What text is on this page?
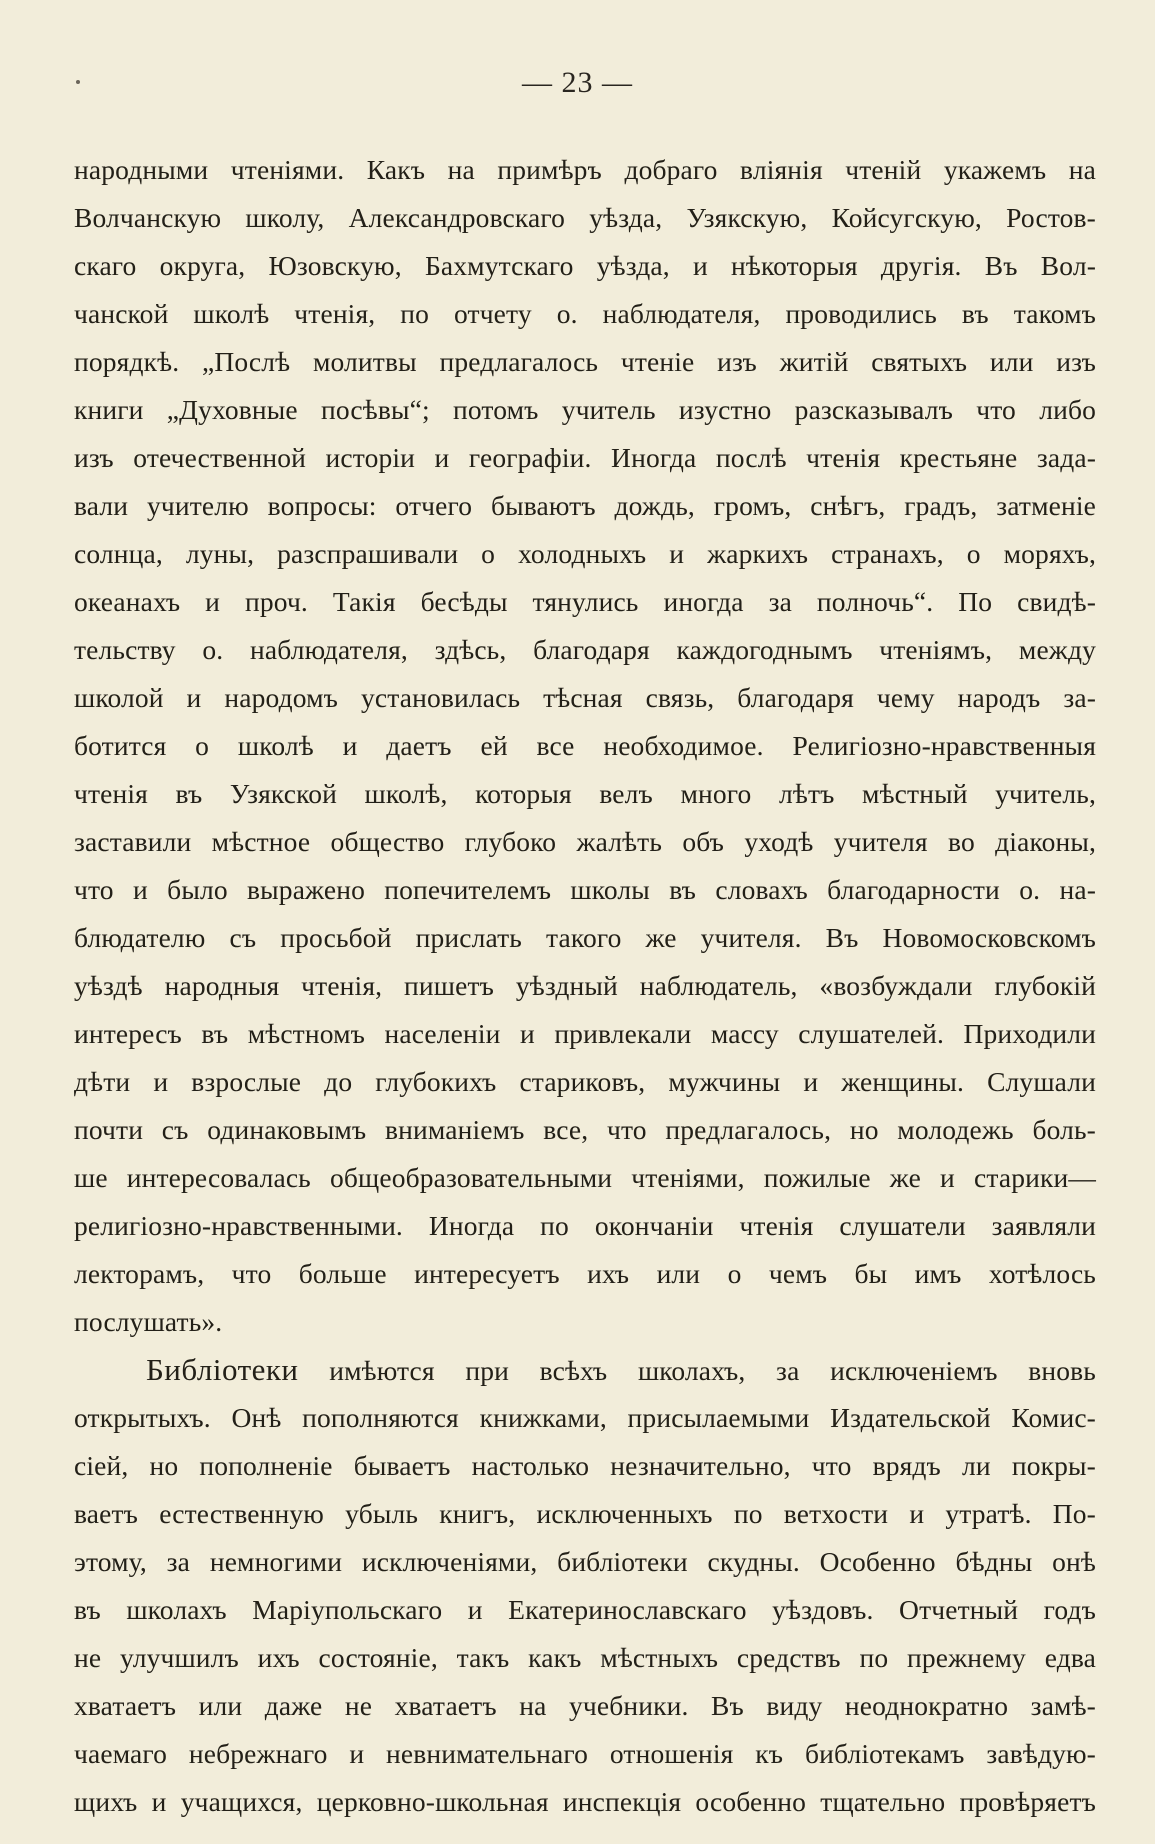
— 23 —
народными чтеніями. Какъ на примѣръ добраго вліянія чтеній укажемъ на
Волчанскую школу, Александровскаго уѣзда, Узякскую, Койсугскую, Ростов-
скаго округа, Юзовскую, Бахмутскаго уѣзда, и нѣкоторыя другія. Въ Вол-
чанской школѣ чтенія, по отчету о. наблюдателя, проводились въ такомъ
порядкѣ. „Послѣ молитвы предлагалось чтеніе изъ житій святыхъ или изъ
книги „Духовные посѣвы“; потомъ учитель изустно разсказывалъ что либо
изъ отечественной исторіи и географіи. Иногда послѣ чтенія крестьяне зада-
вали учителю вопросы: отчего бываютъ дождь, громъ, снѣгъ, градъ, затменіе
солнца, луны, разспрашивали о холодныхъ и жаркихъ странахъ, о моряхъ,
океанахъ и проч. Такія бесѣды тянулись иногда за полночь“. По свидѣ-
тельству о. наблюдателя, здѣсь, благодаря каждогоднымъ чтеніямъ, между
школой и народомъ установилась тѣсная связь, благодаря чему народъ за-
ботится о школѣ и даетъ ей все необходимое. Религіозно-нравственныя
чтенія въ Узякской школѣ, которыя велъ много лѣтъ мѣстный учитель,
заставили мѣстное общество глубоко жалѣть объ уходѣ учителя во діаконы,
что и было выражено попечителемъ школы въ словахъ благодарности о. на-
блюдателю съ просьбой прислать такого же учителя. Въ Новомосковскомъ
уѣздѣ народныя чтенія, пишетъ уѣздный наблюдатель, «возбуждали глубокій
интересъ въ мѣстномъ населеніи и привлекали массу слушателей. Приходили
дѣти и взрослые до глубокихъ стариковъ, мужчины и женщины. Слушали
почти съ одинаковымъ вниманіемъ все, что предлагалось, но молодежь боль-
ше интересовалась общеобразовательными чтеніями, пожилые же и старики—
религіозно-нравственными. Иногда по окончаніи чтенія слушатели заявляли
лекторамъ, что больше интересуетъ ихъ или о чемъ бы имъ хотѣлось
послушать».
Библіотеки имѣются при всѣхъ школахъ, за исключеніемъ вновь
открытыхъ. Онѣ пополняются книжками, присылаемыми Издательской Комис-
сіей, но пополненіе бываетъ настолько незначительно, что врядъ ли покры-
ваетъ естественную убыль книгъ, исключенныхъ по ветхости и утратѣ. По-
этому, за немногими исключеніями, библіотеки скудны. Особенно бѣдны онѣ
въ школахъ Маріупольскаго и Екатеринославскаго уѣздовъ. Отчетный годъ
не улучшилъ ихъ состояніе, такъ какъ мѣстныхъ средствъ по прежнему едва
хватаетъ или даже не хватаетъ на учебники. Въ виду неоднократно замѣ-
чаемаго небрежнаго и невнимательнаго отношенія къ библіотекамъ завѣдую-
щихъ и учащихся, церковно-школьная инспекція особенно тщательно провѣряетъ
